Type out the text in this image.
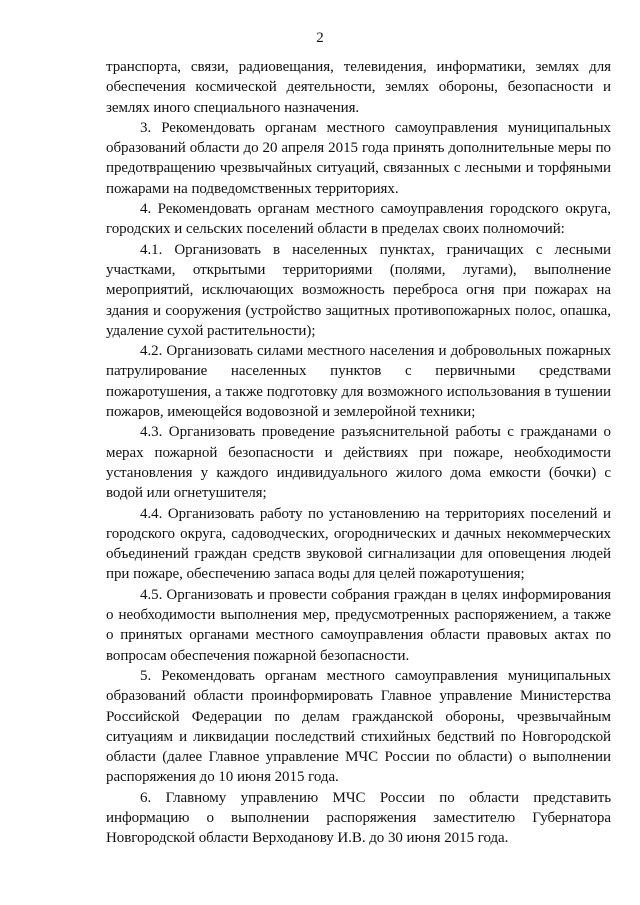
2

транспорта, связи, радиовещания, телевидения, информатики, землях для обеспечения космической деятельности, землях обороны, безопасности и землях иного специального назначения.

3. Рекомендовать органам местного самоуправления муниципальных образований области до 20 апреля 2015 года принять дополнительные меры по предотвращению чрезвычайных ситуаций, связанных с лесными и торфяными пожарами на подведомственных территориях.

4. Рекомендовать органам местного самоуправления городского округа, городских и сельских поселений области в пределах своих полномочий:

4.1. Организовать в населенных пунктах, граничащих с лесными участками, открытыми территориями (полями, лугами), выполнение мероприятий, исключающих возможность переброса огня при пожарах на здания и сооружения (устройство защитных противопожарных полос, опашка, удаление сухой растительности);

4.2. Организовать силами местного населения и добровольных пожарных патрулирование населенных пунктов с первичными средствами пожаротушения, а также подготовку для возможного использования в тушении пожаров, имеющейся водовозной и землеройной техники;

4.3. Организовать проведение разъяснительной работы с гражданами о мерах пожарной безопасности и действиях при пожаре, необходимости установления у каждого индивидуального жилого дома емкости (бочки) с водой или огнетушителя;

4.4. Организовать работу по установлению на территориях поселений и городского округа, садоводческих, огороднических и дачных некоммерческих объединений граждан средств звуковой сигнализации для оповещения людей при пожаре, обеспечению запаса воды для целей пожаротушения;

4.5. Организовать и провести собрания граждан в целях информирования о необходимости выполнения мер, предусмотренных распоряжением, а также о принятых органами местного самоуправления области правовых актах по вопросам обеспечения пожарной безопасности.

5. Рекомендовать органам местного самоуправления муниципальных образований области проинформировать Главное управление Министерства Российской Федерации по делам гражданской обороны, чрезвычайным ситуациям и ликвидации последствий стихийных бедствий по Новгородской области (далее Главное управление МЧС России по области) о выполнении распоряжения до 10 июня 2015 года.

6. Главному управлению МЧС России по области представить информацию о выполнении распоряжения заместителю Губернатора Новгородской области Верходанову И.В. до 30 июня 2015 года.
